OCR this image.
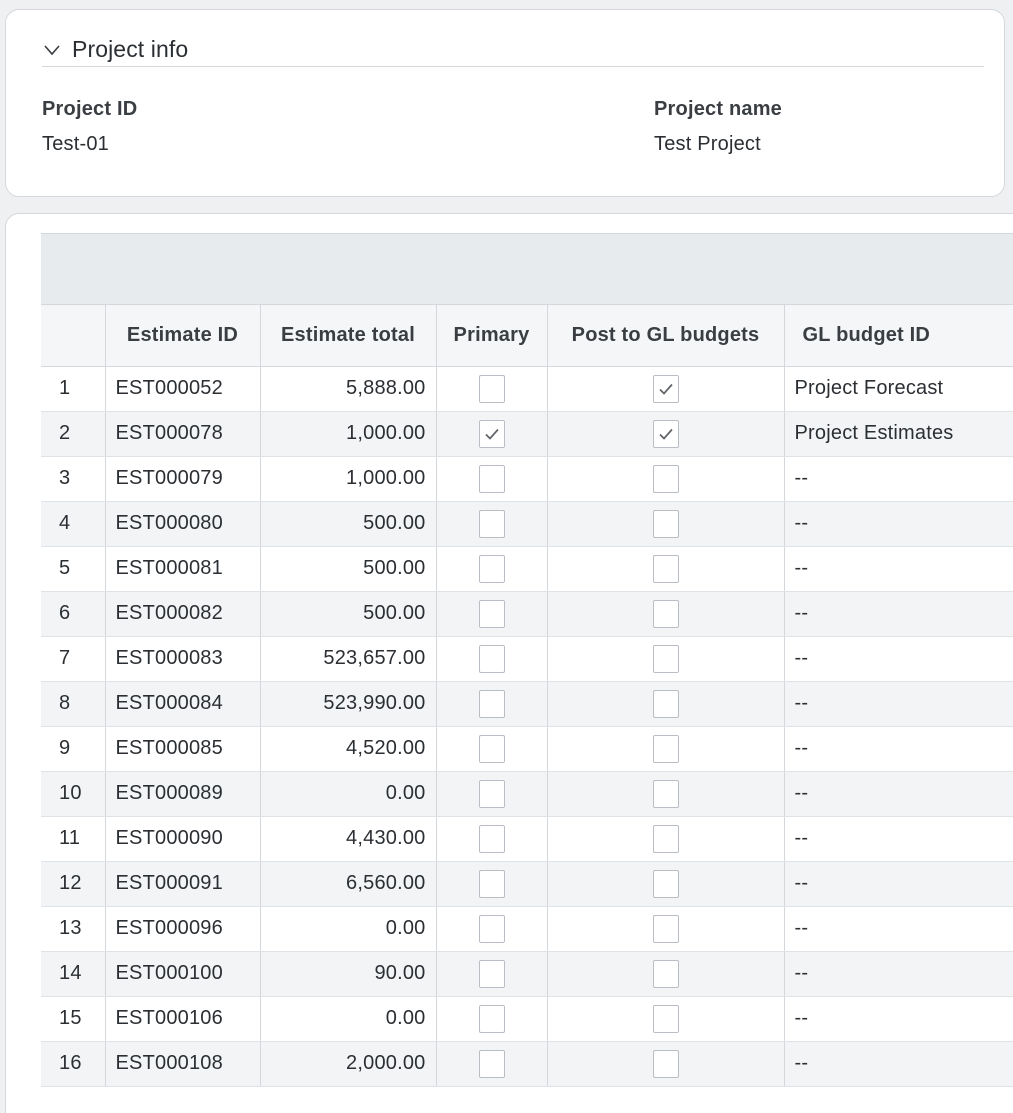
Project info
Project ID
Test-01
Project name
Test Project
	Estimate ID	Estimate total	Primary	Post to GL budgets	GL budget ID
1	EST000052	5,888.00			Project Forecast
2	EST000078	1,000.00			Project Estimates
3	EST000079	1,000.00			--
4	EST000080	500.00			--
5	EST000081	500.00			--
6	EST000082	500.00			--
7	EST000083	523,657.00			--
8	EST000084	523,990.00			--
9	EST000085	4,520.00			--
10	EST000089	0.00			--
11	EST000090	4,430.00			--
12	EST000091	6,560.00			--
13	EST000096	0.00			--
14	EST000100	90.00			--
15	EST000106	0.00			--
16	EST000108	2,000.00			--
